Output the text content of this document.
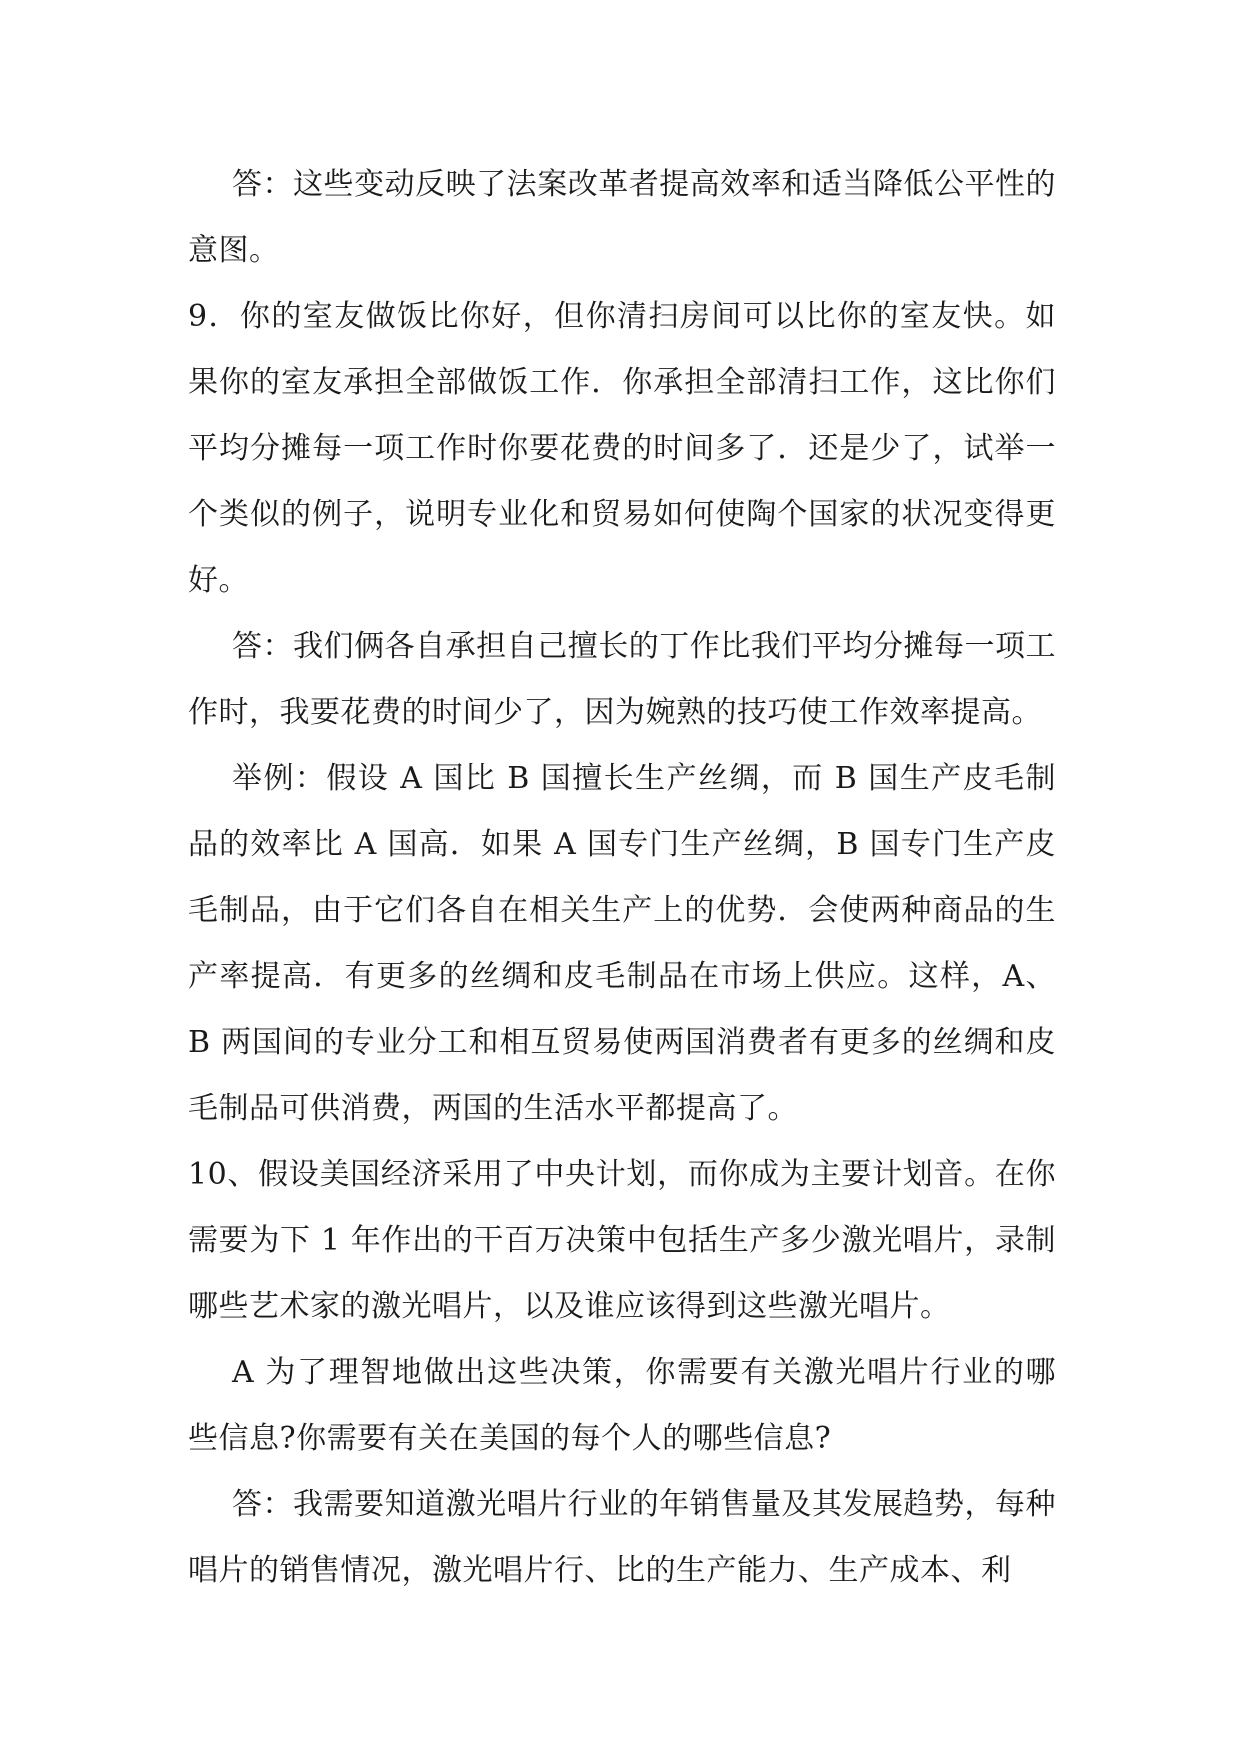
答：这些变动反映了法案改革者提高效率和适当降低公平性的意图。

9．你的室友做饭比你好，但你清扫房间可以比你的室友快。如果你的室友承担全部做饭工作．你承担全部清扫工作，这比你们平均分摊每一项工作时你要花费的时间多了．还是少了，试举一个类似的例子，说明专业化和贸易如何使陶个国家的状况变得更好。

答：我们俩各自承担自己擅长的丁作比我们平均分摊每一项工作时，我要花费的时间少了，因为婉熟的技巧使工作效率提高。

举例：假设 A 国比 B 国擅长生产丝绸，而 B 国生产皮毛制品的效率比 A 国高．如果 A 国专门生产丝绸，B 国专门生产皮毛制品，由于它们各自在相关生产上的优势．会使两种商品的生产率提高．有更多的丝绸和皮毛制品在市场上供应。这样，A、B 两国间的专业分工和相互贸易使两国消费者有更多的丝绸和皮毛制品可供消费，两国的生活水平都提高了。

10、假设美国经济采用了中央计划，而你成为主要计划音。在你需要为下 1 年作出的干百万决策中包括生产多少激光唱片，录制哪些艺术家的激光唱片，以及谁应该得到这些激光唱片。

A 为了理智地做出这些决策，你需要有关激光唱片行业的哪些信息?你需要有关在美国的每个人的哪些信息?

答：我需要知道激光唱片行业的年销售量及其发展趋势，每种唱片的销售情况，激光唱片行、比的生产能力、生产成本、利
